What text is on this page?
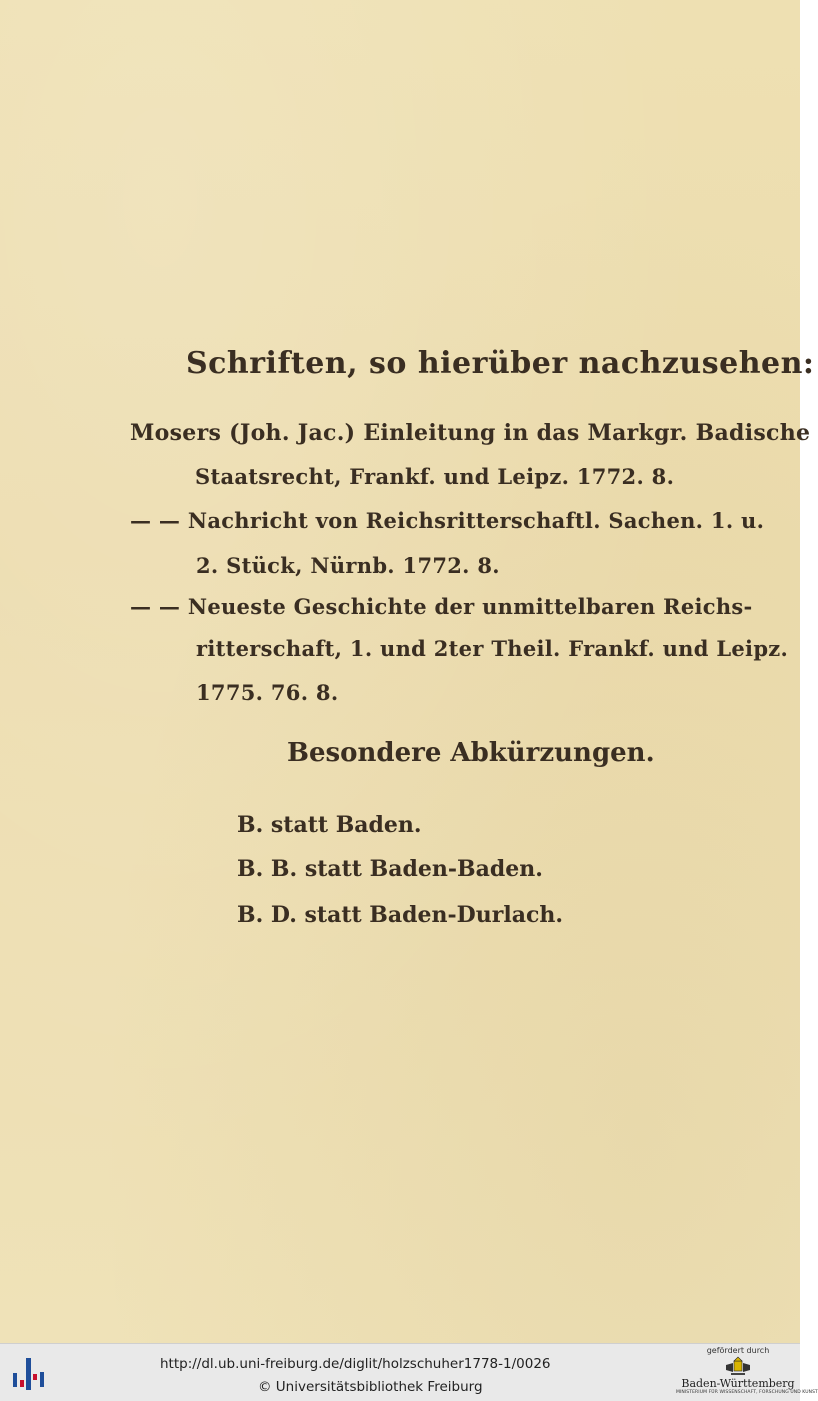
Schriften, so hierüber nachzusehen:
Mosers (Joh. Jac.) Einleitung in das Markgr. Badische
Staatsrecht, Frankf. und Leipz. 1772. 8.
— — Nachricht von Reichsritterschaftl. Sachen. 1. u.
2. Stück, Nürnb. 1772. 8.
— — Neueste Geschichte der unmittelbaren Reichs-
ritterschaft, 1. und 2ter Theil. Frankf. und Leipz.
1775. 76. 8.
Besondere Abkürzungen.
B. statt Baden.
B. B. statt Baden-Baden.
B. D. statt Baden-Durlach.
http://dl.ub.uni-freiburg.de/diglit/holzschuher1778-1/0026
© Universitätsbibliothek Freiburg
gefördert durch
Baden-Württemberg
MINISTERIUM FÜR WISSENSCHAFT, FORSCHUNG UND KUNST
